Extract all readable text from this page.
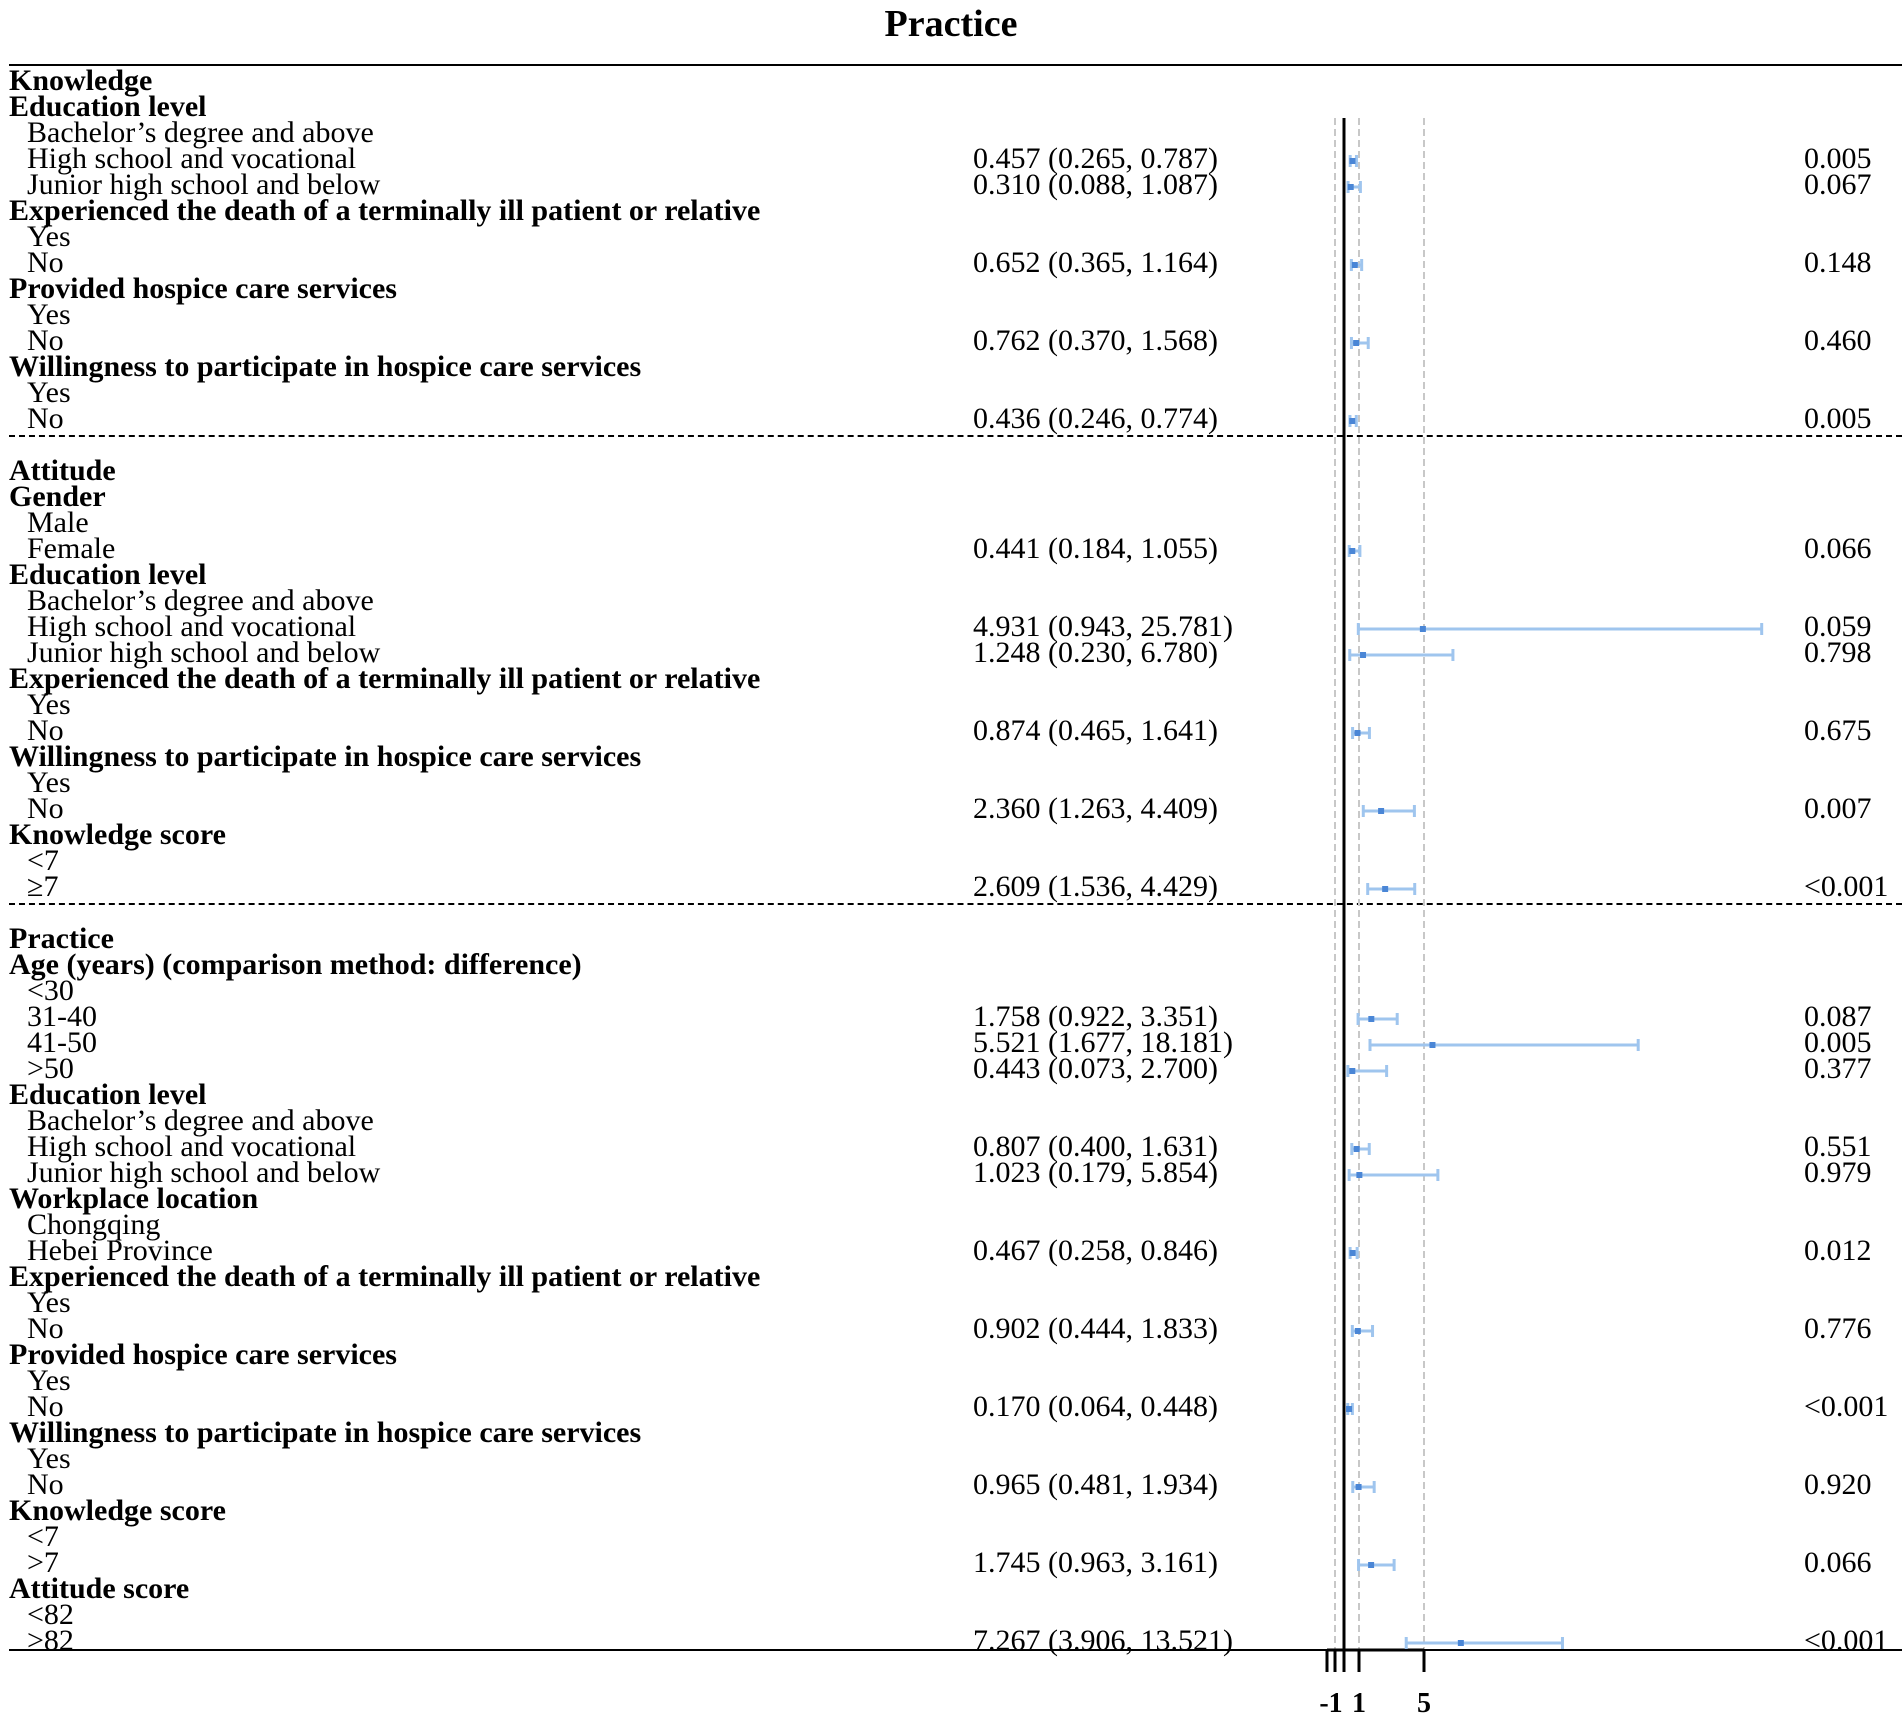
Practice
Knowledge
Education level
Bachelor’s degree and above
High school and vocational	0.457 (0.265, 0.787)	0.005
Junior high school and below	0.310 (0.088, 1.087)	0.067
Experienced the death of a terminally ill patient or relative
Yes
No	0.652 (0.365, 1.164)	0.148
Provided hospice care services
Yes
No	0.762 (0.370, 1.568)	0.460
Willingness to participate in hospice care services
Yes
No	0.436 (0.246, 0.774)	0.005
Attitude
Gender
Male
Female	0.441 (0.184, 1.055)	0.066
Education level
Bachelor’s degree and above
High school and vocational	4.931 (0.943, 25.781)	0.059
Junior high school and below	1.248 (0.230, 6.780)	0.798
Experienced the death of a terminally ill patient or relative
Yes
No	0.874 (0.465, 1.641)	0.675
Willingness to participate in hospice care services
Yes
No	2.360 (1.263, 4.409)	0.007
Knowledge score
<7
≥7	2.609 (1.536, 4.429)	<0.001
Practice
Age (years) (comparison method: difference)
<30
31-40	1.758 (0.922, 3.351)	0.087
41-50	5.521 (1.677, 18.181)	0.005
>50	0.443 (0.073, 2.700)	0.377
Education level
Bachelor’s degree and above
High school and vocational	0.807 (0.400, 1.631)	0.551
Junior high school and below	1.023 (0.179, 5.854)	0.979
Workplace location
Chongqing
Hebei Province	0.467 (0.258, 0.846)	0.012
Experienced the death of a terminally ill patient or relative
Yes
No	0.902 (0.444, 1.833)	0.776
Provided hospice care services
Yes
No	0.170 (0.064, 0.448)	<0.001
Willingness to participate in hospice care services
Yes
No	0.965 (0.481, 1.934)	0.920
Knowledge score
<7
>7	1.745 (0.963, 3.161)	0.066
Attitude score
<82
>82	7.267 (3.906, 13.521)	<0.001
-1 1 5
